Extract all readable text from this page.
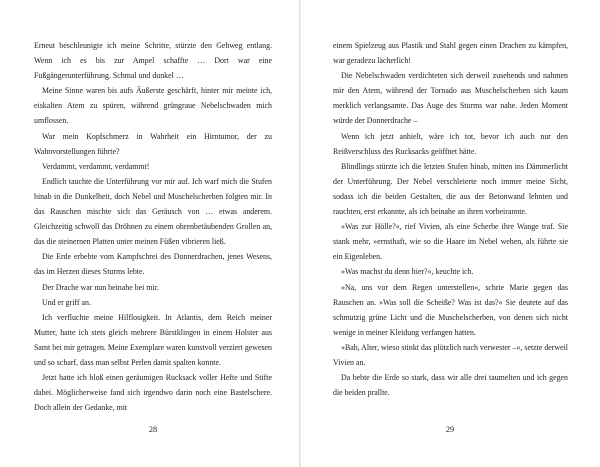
Erneut beschleunigte ich meine Schritte, stürzte den Gehweg entlang. Wenn ich es bis zur Ampel schaffte … Dort war eine Fußgängerunterführung. Schmal und dunkel …

Meine Sinne waren bis aufs Äußerste geschärft, hinter mir meinte ich, eiskalten Atem zu spüren, während grüngraue Nebelschwaden mich umflossen.

War mein Kopfschmerz in Wahrheit ein Hirntumor, der zu Wahnvorstellungen führte?

Verdammt, verdammt, verdammt!

Endlich tauchte die Unterführung vor mir auf. Ich warf mich die Stufen hinab in die Dunkelheit, doch Nebel und Muschelscherben folgten mir. In das Rauschen mischte sich das Geräusch von … etwas anderem. Gleichzeitig schwoll das Dröhnen zu einem ohrenbetäubenden Grollen an, das die steinernen Platten unter meinen Füßen vibrieren ließ.

Die Erde erbebte vom Kampfschrei des Donnerdrachen, jenes Wesens, das im Herzen dieses Sturms lebte.

Der Drache war nun beinahe bei mir.

Und er griff an.

Ich verfluchte meine Hilflosigkeit. In Atlantis, dem Reich meiner Mutter, hatte ich stets gleich mehrere Bürstklingen in einem Holster aus Samt bei mir getragen. Meine Exemplare waren kunstvoll verziert gewesen und so scharf, dass man selbst Perlen damit spalten konnte.

Jetzt hatte ich bloß einen geräumigen Rucksack voller Hefte und Stifte dabei. Möglicherweise fand sich irgendwo darin noch eine Bastelschere. Doch allein der Gedanke, mit

28

einem Spielzeug aus Plastik und Stahl gegen einen Drachen zu kämpfen, war geradezu lächerlich!

Die Nebelschwaden verdichteten sich derweil zusehends und nahmen mir den Atem, während der Tornado aus Muschelscherben sich kaum merklich verlangsamte. Das Auge des Sturms war nahe. Jeden Moment würde der Donnerdrache –

Wenn ich jetzt anhielt, wäre ich tot, bevor ich auch nur den Reißverschluss des Rucksacks geöffnet hätte.

Blindlings stürzte ich die letzten Stufen hinab, mitten ins Dämmerlicht der Unterführung. Der Nebel verschleierte noch immer meine Sicht, sodass ich die beiden Gestalten, die aus der Betonwand lehnten und rauchten, erst erkannte, als ich beinahe an ihren vorbeirannte.

»Was zur Hölle?«, rief Vivien, als eine Scherbe ihre Wange traf. Sie stank mehr, »ernsthaft, wie so die Haare im Nebel wehen, als führte sie ein Eigenleben.

»Was machst du denn hier?«, keuchte ich.

»Na, uns vor dem Regen unterstellen«, schrie Marie gegen das Rauschen an. »Was soll die Scheiße? Was ist das?« Sie deutete auf das schmutzig grüne Licht und die Muschelscherben, von denen sich nicht wenige in meiner Kleidung verfangen hatten.

»Bah, Alter, wieso stinkt das plötzlich nach verwester –«, setzte derweil Vivien an.

Da bebte die Erde so stark, dass wir alle drei taumelten und ich gegen die beiden prallte.

29
